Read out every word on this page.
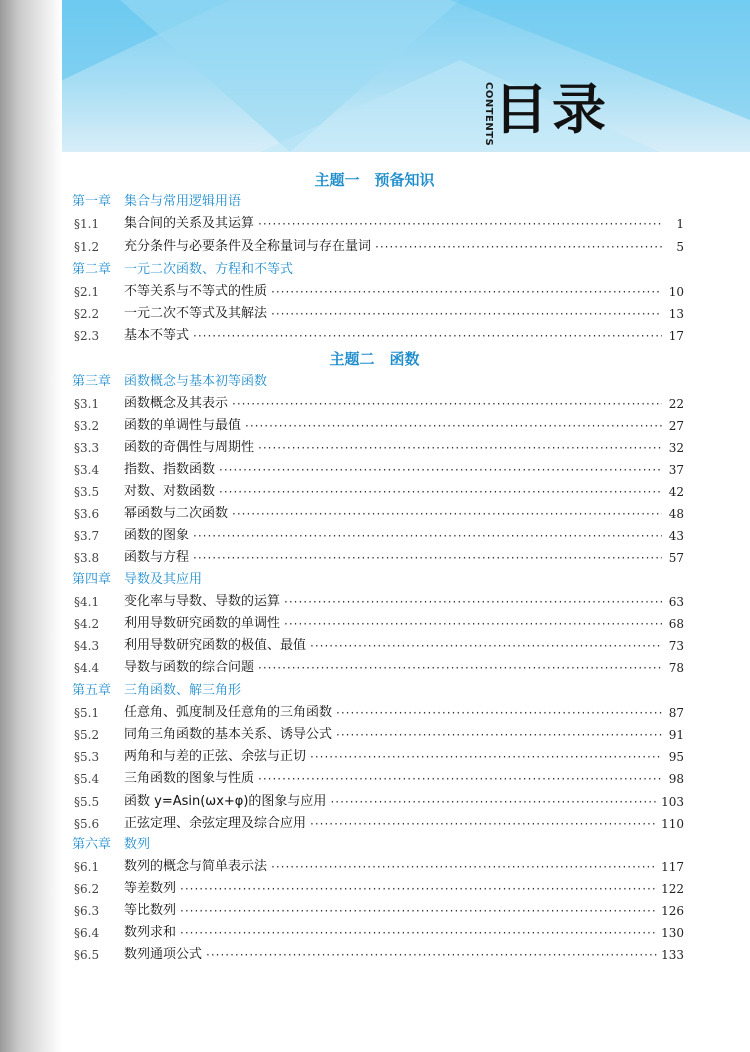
CONTENTS 目录
主题一　预备知识
第一章　集合与常用逻辑用语
§1.1	集合间的关系及其运算 ·····	1
§1.2	充分条件与必要条件及全称量词与存在量词 ·····	5
第二章　一元二次函数、方程和不等式
§2.1	不等关系与不等式的性质 ·····	10
§2.2	一元二次不等式及其解法 ·····	13
§2.3	基本不等式 ·····	17
主题二　函数
第三章　函数概念与基本初等函数
§3.1	函数概念及其表示 ·····	22
§3.2	函数的单调性与最值 ·····	27
§3.3	函数的奇偶性与周期性 ·····	32
§3.4	指数、指数函数 ·····	37
§3.5	对数、对数函数 ·····	42
§3.6	幂函数与二次函数 ·····	48
§3.7	函数的图象 ·····	43
§3.8	函数与方程 ·····	57
第四章　导数及其应用
§4.1	变化率与导数、导数的运算 ·····	63
§4.2	利用导数研究函数的单调性 ·····	68
§4.3	利用导数研究函数的极值、最值 ·····	73
§4.4	导数与函数的综合问题 ·····	78
第五章　三角函数、解三角形
§5.1	任意角、弧度制及任意角的三角函数 ·····	87
§5.2	同角三角函数的基本关系、诱导公式 ·····	91
§5.3	两角和与差的正弦、余弦与正切 ·····	95
§5.4	三角函数的图象与性质 ·····	98
§5.5	函数 y=Asin(ωx+φ)的图象与应用 ·····	103
§5.6	正弦定理、余弦定理及综合应用 ·····	110
第六章　数列
§6.1	数列的概念与简单表示法 ·····	117
§6.2	等差数列 ·····	122
§6.3	等比数列 ·····	126
§6.4	数列求和 ·····	130
§6.5	数列通项公式 ·····	133
